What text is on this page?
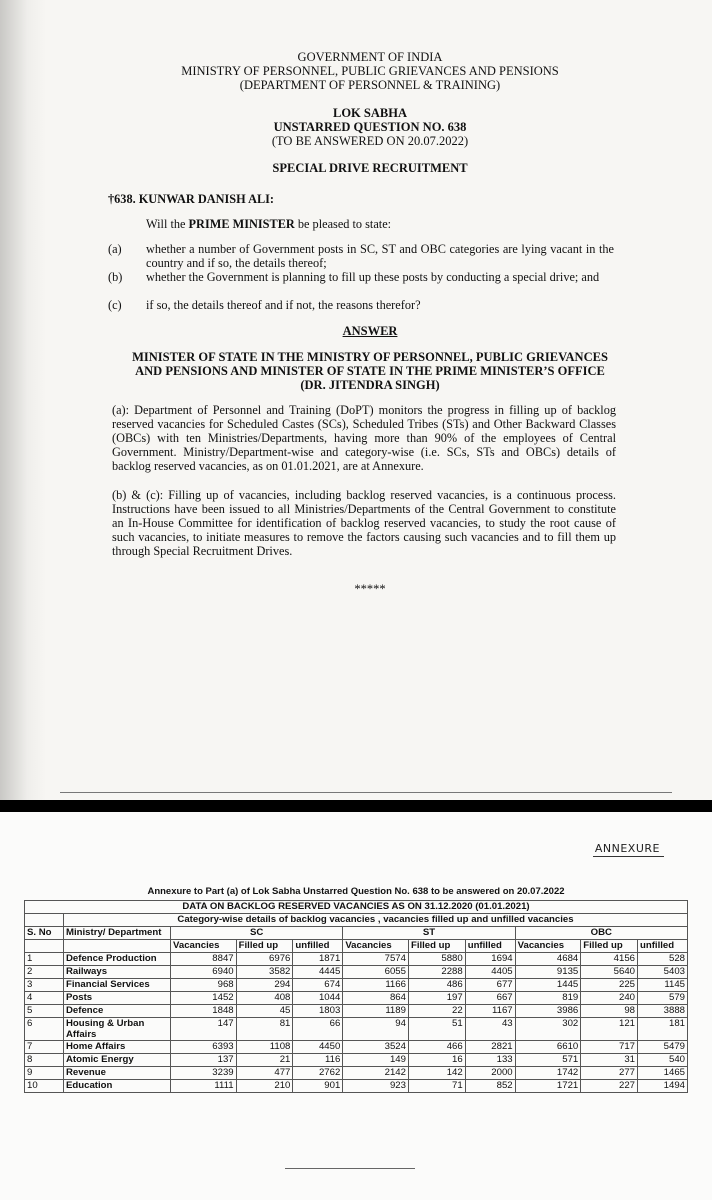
GOVERNMENT OF INDIA
MINISTRY OF PERSONNEL, PUBLIC GRIEVANCES AND PENSIONS
(DEPARTMENT OF PERSONNEL & TRAINING)
LOK SABHA
UNSTARRED QUESTION NO. 638
(TO BE ANSWERED ON 20.07.2022)
SPECIAL DRIVE RECRUITMENT
†638. KUNWAR DANISH ALI:
Will the PRIME MINISTER be pleased to state:
(a) whether a number of Government posts in SC, ST and OBC categories are lying vacant in the country and if so, the details thereof;
(b) whether the Government is planning to fill up these posts by conducting a special drive; and
(c) if so, the details thereof and if not, the reasons therefor?
ANSWER
MINISTER OF STATE IN THE MINISTRY OF PERSONNEL, PUBLIC GRIEVANCES
AND PENSIONS AND MINISTER OF STATE IN THE PRIME MINISTER’S OFFICE
(DR. JITENDRA SINGH)
(a): Department of Personnel and Training (DoPT) monitors the progress in filling up of backlog reserved vacancies for Scheduled Castes (SCs), Scheduled Tribes (STs) and Other Backward Classes (OBCs) with ten Ministries/Departments, having more than 90% of the employees of Central Government. Ministry/Department-wise and category-wise (i.e. SCs, STs and OBCs) details of backlog reserved vacancies, as on 01.01.2021, are at Annexure.
(b) & (c): Filling up of vacancies, including backlog reserved vacancies, is a continuous process. Instructions have been issued to all Ministries/Departments of the Central Government to constitute an In-House Committee for identification of backlog reserved vacancies, to study the root cause of such vacancies, to initiate measures to remove the factors causing such vacancies and to fill them up through Special Recruitment Drives.
*****
ANNEXURE
Annexure to Part (a) of Lok Sabha Unstarred Question No. 638 to be answered on 20.07.2022
DATA ON BACKLOG RESERVED VACANCIES AS ON 31.12.2020 (01.01.2021)										
	Category-wise details of backlog vacancies , vacancies filled up and unfilled vacancies									
S. No	Ministry/ Department	SC			ST			OBC		
		Vacancies	Filled up	unfilled	Vacancies	Filled up	unfilled	Vacancies	Filled up	unfilled
1	Defence Production	8847	6976	1871	7574	5880	1694	4684	4156	528
2	Railways	6940	3582	4445	6055	2288	4405	9135	5640	5403
3	Financial Services	968	294	674	1166	486	677	1445	225	1145
4	Posts	1452	408	1044	864	197	667	819	240	579
5	Defence	1848	45	1803	1189	22	1167	3986	98	3888
6	Housing & Urban Affairs	147	81	66	94	51	43	302	121	181
7	Home Affairs	6393	1108	4450	3524	466	2821	6610	717	5479
8	Atomic Energy	137	21	116	149	16	133	571	31	540
9	Revenue	3239	477	2762	2142	142	2000	1742	277	1465
10	Education	1111	210	901	923	71	852	1721	227	1494
